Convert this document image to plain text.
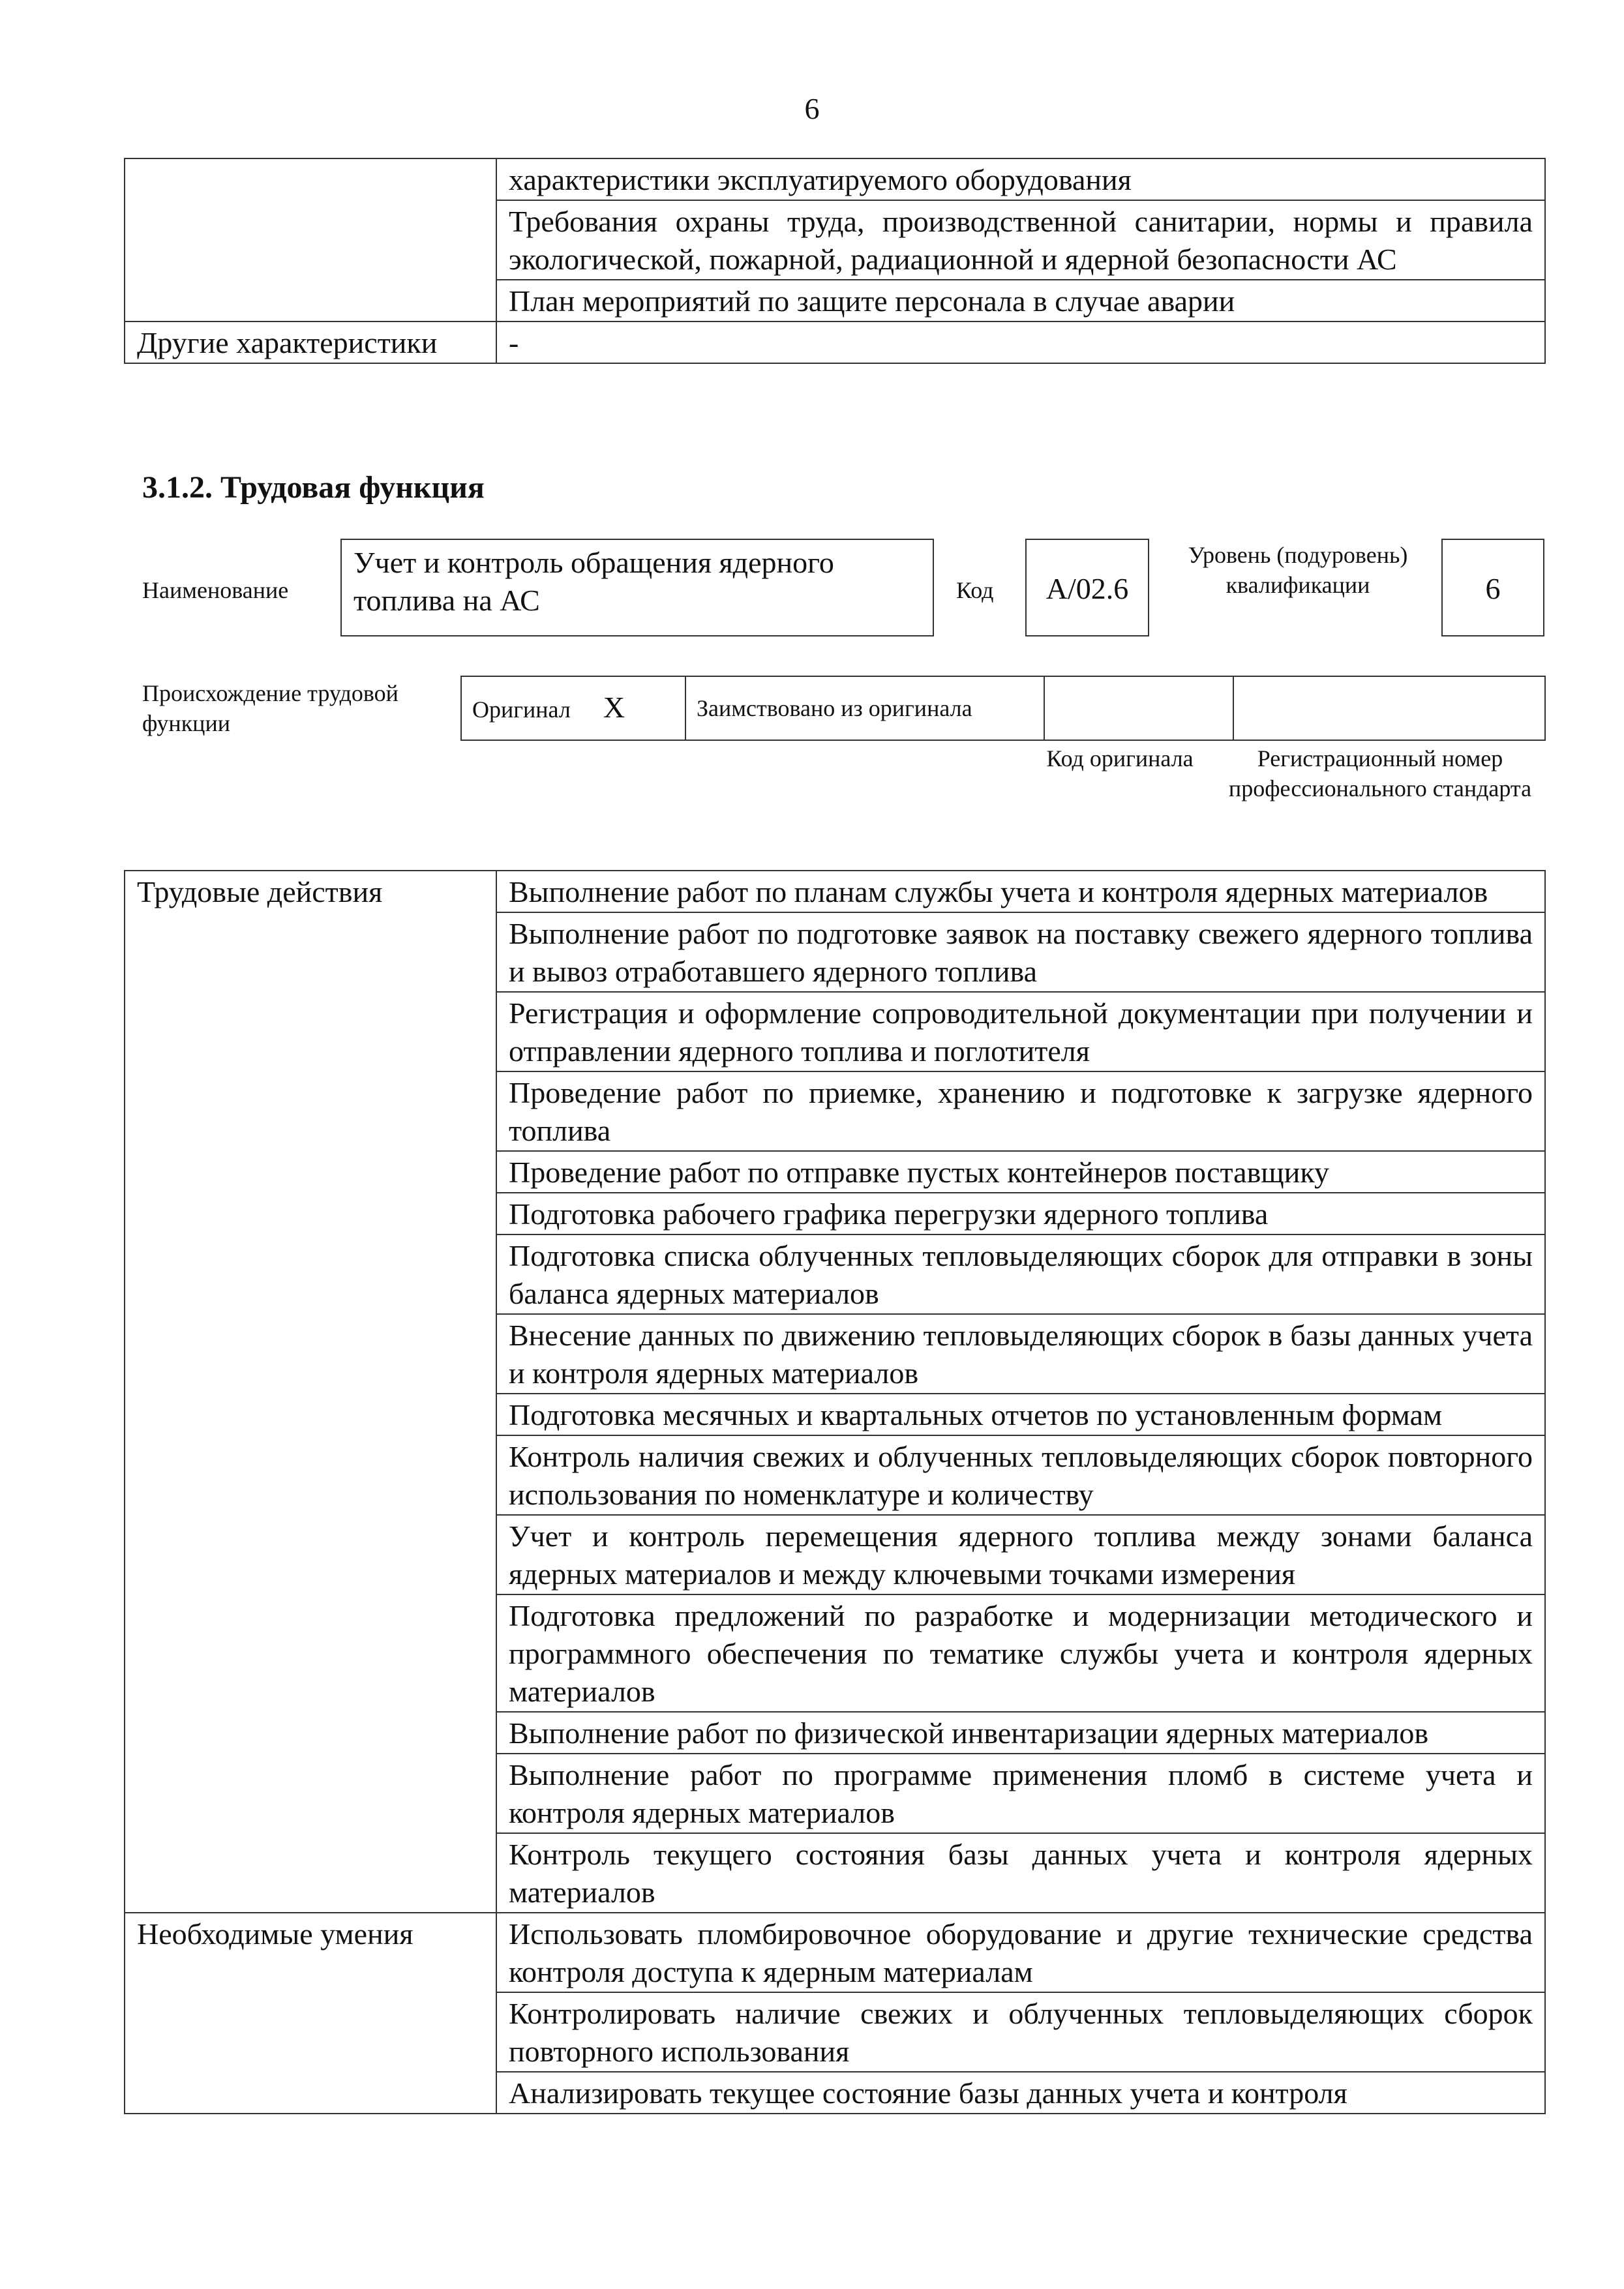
6
	характеристики эксплуатируемого оборудования
	Требования охраны труда, производственной санитарии, нормы и правила экологической, пожарной, радиационной и ядерной безопасности АС
	План мероприятий по защите персонала в случае аварии
Другие характеристики	-
3.1.2. Трудовая функция
Наименование
Учет и контроль обращения ядерного топлива на АС	Код	A/02.6
Уровень (подуровень) квалификации	6
Происхождение трудовой функции
Оригинал X	Заимствовано из оригинала		
Код оригинала	Регистрационный номер профессионального стандарта
Трудовые действия	Выполнение работ по планам службы учета и контроля ядерных материалов
	Выполнение работ по подготовке заявок на поставку свежего ядерного топлива и вывоз отработавшего ядерного топлива
	Регистрация и оформление сопроводительной документации при получении и отправлении ядерного топлива и поглотителя
	Проведение работ по приемке, хранению и подготовке к загрузке ядерного топлива
	Проведение работ по отправке пустых контейнеров поставщику
	Подготовка рабочего графика перегрузки ядерного топлива
	Подготовка списка облученных тепловыделяющих сборок для отправки в зоны баланса ядерных материалов
	Внесение данных по движению тепловыделяющих сборок в базы данных учета и контроля ядерных материалов
	Подготовка месячных и квартальных отчетов по установленным формам
	Контроль наличия свежих и облученных тепловыделяющих сборок повторного использования по номенклатуре и количеству
	Учет и контроль перемещения ядерного топлива между зонами баланса ядерных материалов и между ключевыми точками измерения
	Подготовка предложений по разработке и модернизации методического и программного обеспечения по тематике службы учета и контроля ядерных материалов
	Выполнение работ по физической инвентаризации ядерных материалов
	Выполнение работ по программе применения пломб в системе учета и контроля ядерных материалов
	Контроль текущего состояния базы данных учета и контроля ядерных материалов
Необходимые умения	Использовать пломбировочное оборудование и другие технические средства контроля доступа к ядерным материалам
	Контролировать наличие свежих и облученных тепловыделяющих сборок повторного использования
	Анализировать текущее состояние базы данных учета и контроля
